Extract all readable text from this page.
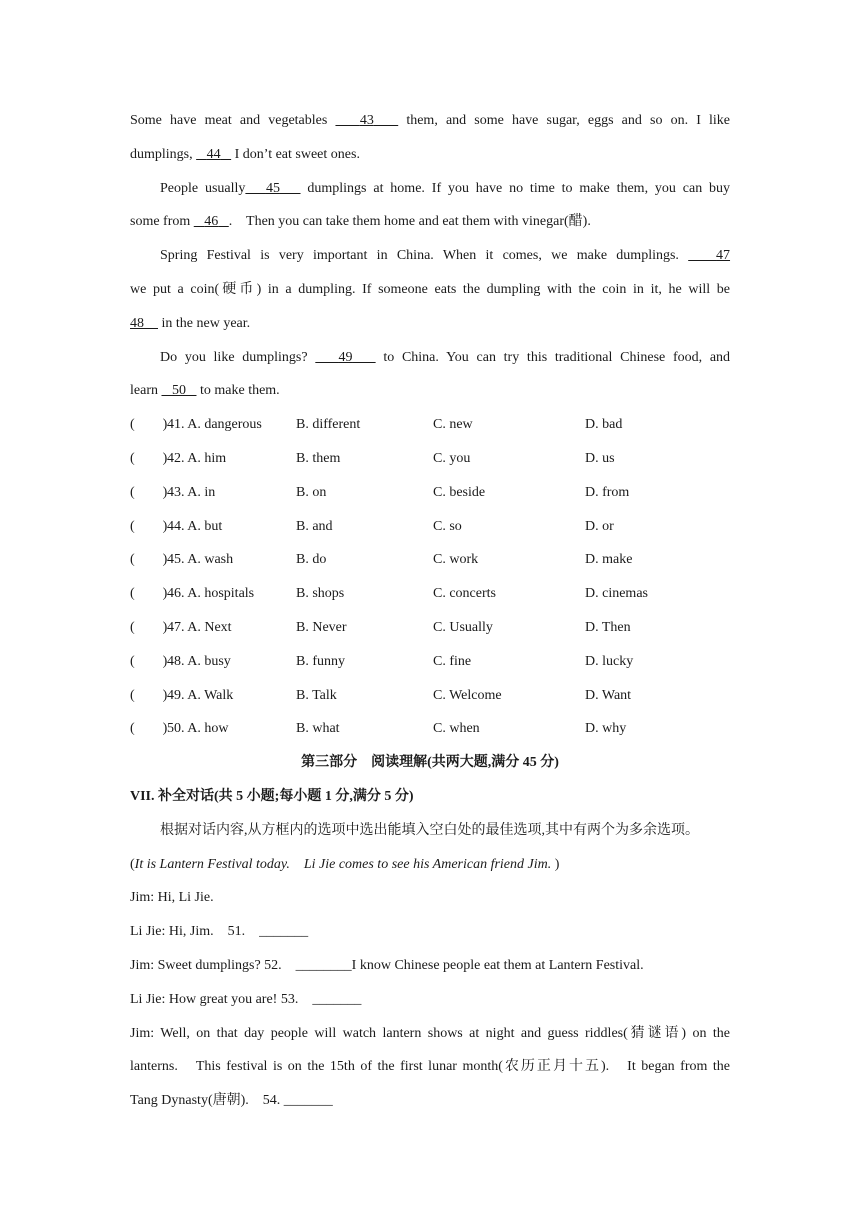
Some have meat and vegetables 43 them, and some have sugar, eggs and so on. I like
dumplings, 44 I don’t eat sweet ones.
People usually 45 dumplings at home. If you have no time to make them, you can buy
some from 46 . Then you can take them home and eat them with vinegar(醋).
Spring Festival is very important in China. When it comes, we make dumplings.	47
we put a coin(硬币) in a dumpling. If someone eats the dumpling with the coin in it, he will be
48 in the new year.
Do you like dumplings? 49 to China. You can try this traditional Chinese food, and
learn 50 to make them.
( ) 41. A. dangerous	B. different	C. new	D. bad
( ) 42. A. him	B. them	C. you	D. us
( ) 43. A. in	B. on	C. beside	D. from
( ) 44. A. but	B. and	C. so	D. or
( ) 45. A. wash	B. do	C. work	D. make
( ) 46. A. hospitals	B. shops	C. concerts	D. cinemas
( ) 47. A. Next	B. Never	C. Usually	D. Then
( ) 48. A. busy	B. funny	C. fine	D. lucky
( ) 49. A. Walk	B. Talk	C. Welcome	D. Want
( ) 50. A. how	B. what	C. when	D. why
第三部分　阅读理解(共两大题,满分 45 分)
VII. 补全对话(共 5 小题;每小题 1 分,满分 5 分)
根据对话内容,从方框内的选项中选出能填入空白处的最佳选项,其中有两个为多余选项。
(It is Lantern Festival today.　Li Jie comes to see his American friend Jim. )
Jim: Hi, Li Jie.
Li Jie: Hi, Jim.　51.　_______
Jim: Sweet dumplings? 52.　________I know Chinese people eat them at Lantern Festival.
Li Jie: How great you are! 53.　_______
Jim: Well, on that day people will watch lantern shows at night and guess riddles(猜谜语) on the
lanterns.　This festival is on the 15th of the first lunar month(农历正月十五).　It began from the
Tang Dynasty(唐朝).　54. _______
